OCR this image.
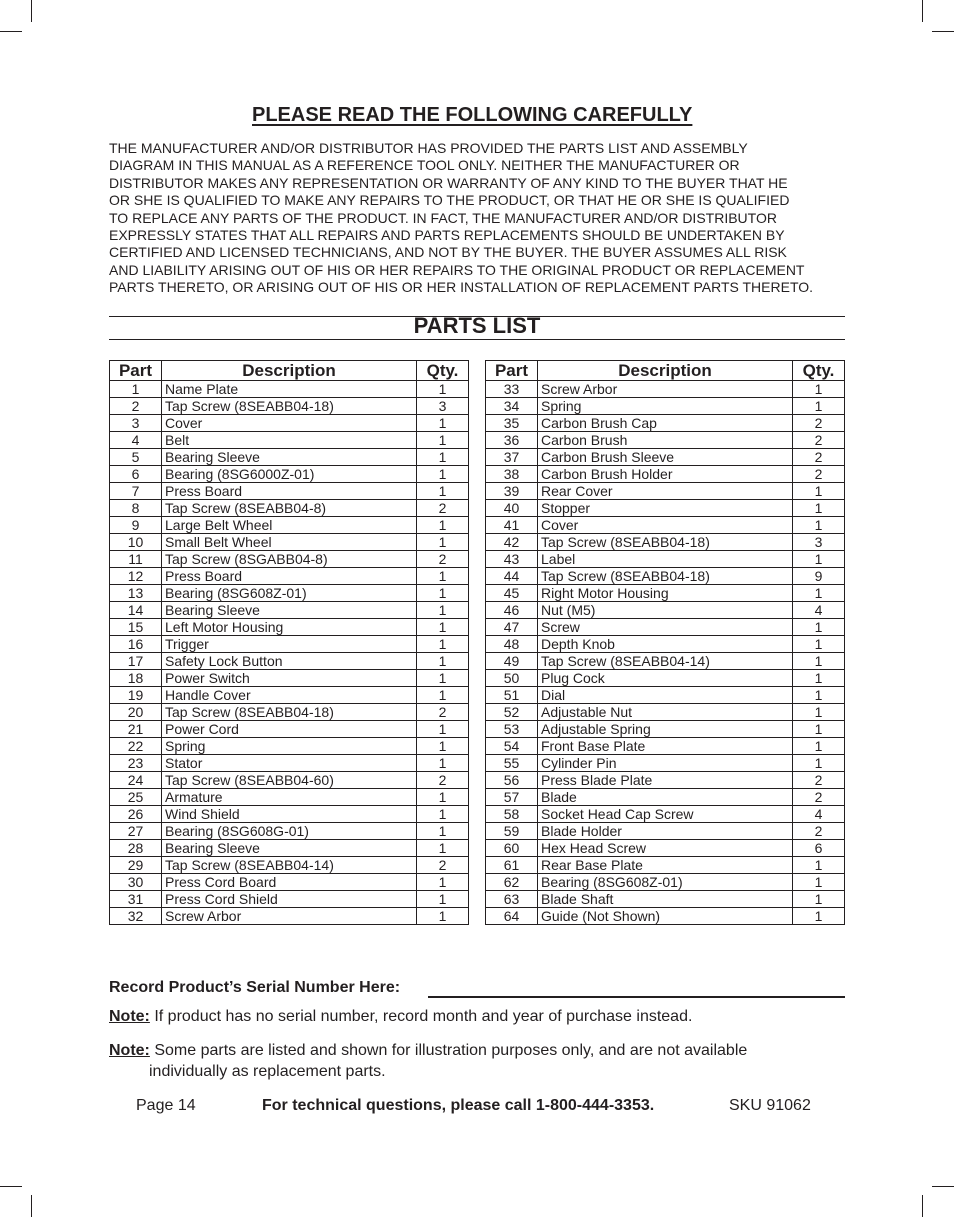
PLEASE READ THE FOLLOWING CAREFULLY
THE MANUFACTURER AND/OR DISTRIBUTOR HAS PROVIDED THE PARTS LIST AND ASSEMBLY
DIAGRAM IN THIS MANUAL AS A REFERENCE TOOL ONLY. NEITHER THE MANUFACTURER OR
DISTRIBUTOR MAKES ANY REPRESENTATION OR WARRANTY OF ANY KIND TO THE BUYER THAT HE
OR SHE IS QUALIFIED TO MAKE ANY REPAIRS TO THE PRODUCT, OR THAT HE OR SHE IS QUALIFIED
TO REPLACE ANY PARTS OF THE PRODUCT. IN FACT, THE MANUFACTURER AND/OR DISTRIBUTOR
EXPRESSLY STATES THAT ALL REPAIRS AND PARTS REPLACEMENTS SHOULD BE UNDERTAKEN BY
CERTIFIED AND LICENSED TECHNICIANS, AND NOT BY THE BUYER. THE BUYER ASSUMES ALL RISK
AND LIABILITY ARISING OUT OF HIS OR HER REPAIRS TO THE ORIGINAL PRODUCT OR REPLACEMENT
PARTS THERETO, OR ARISING OUT OF HIS OR HER INSTALLATION OF REPLACEMENT PARTS THERETO.
PARTS LIST
Part	Description	Qty.
1	Name Plate	1
2	Tap Screw (8SEABB04-18)	3
3	Cover	1
4	Belt	1
5	Bearing Sleeve	1
6	Bearing (8SG6000Z-01)	1
7	Press Board	1
8	Tap Screw (8SEABB04-8)	2
9	Large Belt Wheel	1
10	Small Belt Wheel	1
11	Tap Screw (8SGABB04-8)	2
12	Press Board	1
13	Bearing (8SG608Z-01)	1
14	Bearing Sleeve	1
15	Left Motor Housing	1
16	Trigger	1
17	Safety Lock Button	1
18	Power Switch	1
19	Handle Cover	1
20	Tap Screw (8SEABB04-18)	2
21	Power Cord	1
22	Spring	1
23	Stator	1
24	Tap Screw (8SEABB04-60)	2
25	Armature	1
26	Wind Shield	1
27	Bearing (8SG608G-01)	1
28	Bearing Sleeve	1
29	Tap Screw (8SEABB04-14)	2
30	Press Cord Board	1
31	Press Cord Shield	1
32	Screw Arbor	1
Part	Description	Qty.
33	Screw Arbor	1
34	Spring	1
35	Carbon Brush Cap	2
36	Carbon Brush	2
37	Carbon Brush Sleeve	2
38	Carbon Brush Holder	2
39	Rear Cover	1
40	Stopper	1
41	Cover	1
42	Tap Screw (8SEABB04-18)	3
43	Label	1
44	Tap Screw (8SEABB04-18)	9
45	Right Motor Housing	1
46	Nut (M5)	4
47	Screw	1
48	Depth Knob	1
49	Tap Screw (8SEABB04-14)	1
50	Plug Cock	1
51	Dial	1
52	Adjustable Nut	1
53	Adjustable Spring	1
54	Front Base Plate	1
55	Cylinder Pin	1
56	Press Blade Plate	2
57	Blade	2
58	Socket Head Cap Screw	4
59	Blade Holder	2
60	Hex Head Screw	6
61	Rear Base Plate	1
62	Bearing (8SG608Z-01)	1
63	Blade Shaft	1
64	Guide (Not Shown)	1
Record Product’s Serial Number Here:
Note: If product has no serial number, record month and year of purchase instead.
Note: Some parts are listed and shown for illustration purposes only, and are not available
individually as replacement parts.
Page 14	For technical questions, please call 1-800-444-3353.	SKU 91062
